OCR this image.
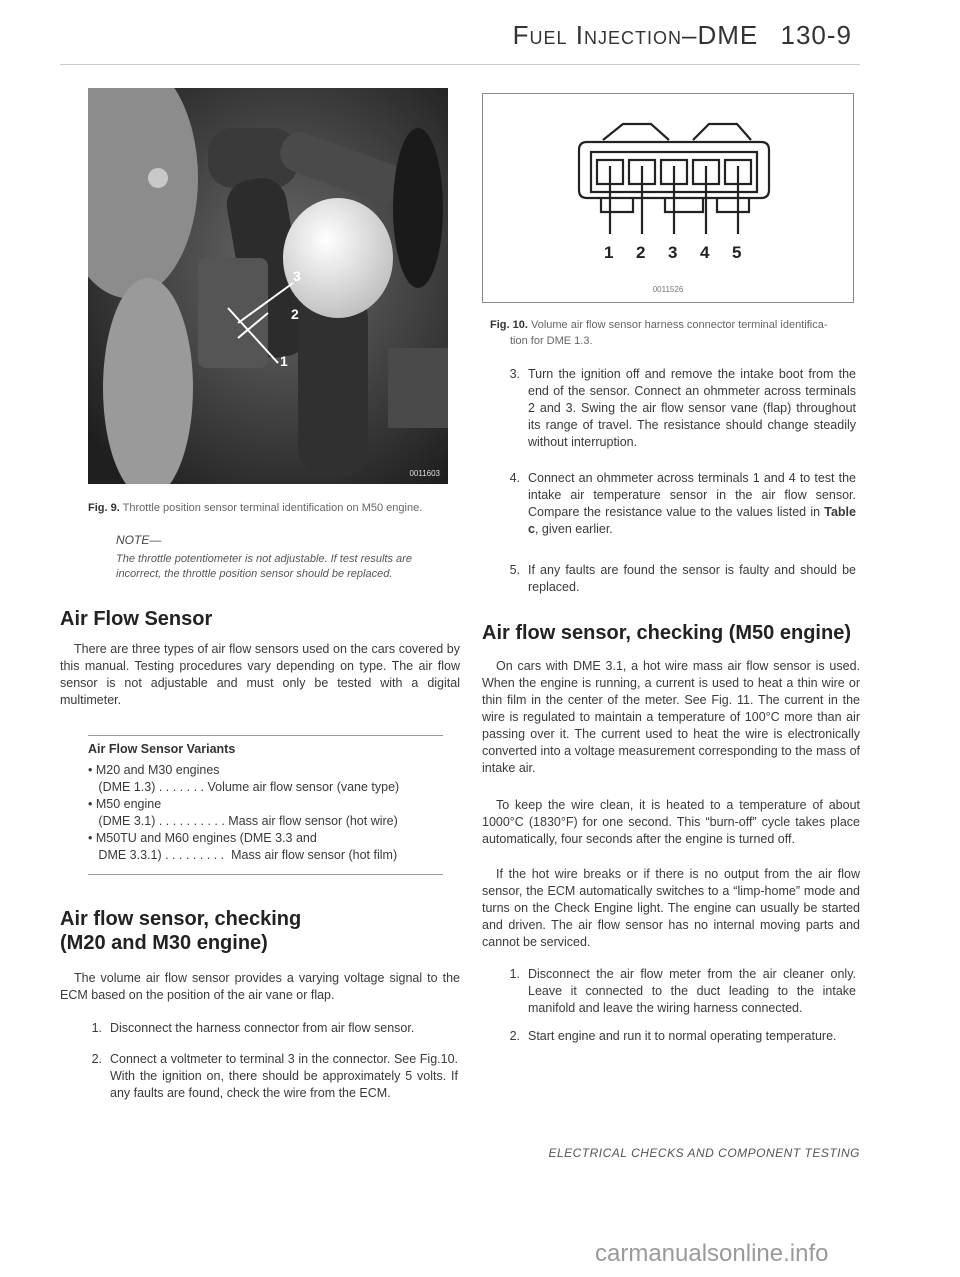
Fuel Injection–DME 130-9
3
2
1
0011603
Fig. 9. Throttle position sensor terminal identification on M50 engine.
NOTE—
The throttle potentiometer is not adjustable. If test results are incorrect, the throttle position sensor should be replaced.
Air Flow Sensor

There are three types of air flow sensors used on the cars covered by this manual. Testing procedures vary depending on type. The air flow sensor is not adjustable and must only be tested with a digital multimeter.

Air Flow Sensor Variants
• M20 and M30 engines
(DME 1.3) . . . . . . . Volume air flow sensor (vane type)
• M50 engine
(DME 3.1) . . . . . . . . . . Mass air flow sensor (hot wire)
• M50TU and M60 engines (DME 3.3 and
DME 3.3.1) . . . . . . . . .  Mass air flow sensor (hot film)
Air flow sensor, checking
(M20 and M30 engine)

The volume air flow sensor provides a varying voltage signal to the ECM based on the position of the air vane or flap.

1. Disconnect the harness connector from air flow sensor.
2. Connect a voltmeter to terminal 3 in the connector. See Fig.10. With the ignition on, there should be approximately 5 volts. If any faults are found, check the wire from the ECM.
1 2 3 4 5
0011526
Fig. 10. Volume air flow sensor harness connector terminal identifica-
tion for DME 1.3.
3. Turn the ignition off and remove the intake boot from the end of the sensor. Connect an ohmmeter across terminals 2 and 3. Swing the air flow sensor vane (flap) throughout its range of travel. The resistance should change steadily without interruption.
4. Connect an ohmmeter across terminals 1 and 4 to test the intake air temperature sensor in the air flow sensor. Compare the resistance value to the values listed in Table c, given earlier.
5. If any faults are found the sensor is faulty and should be replaced.
Air flow sensor, checking (M50 engine)

On cars with DME 3.1, a hot wire mass air flow sensor is used. When the engine is running, a current is used to heat a thin wire or thin film in the center of the meter. See Fig. 11. The current in the wire is regulated to maintain a temperature of 100°C more than air passing over it. The current used to heat the wire is electronically converted into a voltage measurement corresponding to the mass of intake air.

To keep the wire clean, it is heated to a temperature of about 1000°C (1830°F) for one second. This “burn-off” cycle takes place automatically, four seconds after the engine is turned off.

If the hot wire breaks or if there is no output from the air flow sensor, the ECM automatically switches to a “limp-home” mode and turns on the Check Engine light. The engine can usually be started and driven. The air flow sensor has no internal moving parts and cannot be serviced.

1. Disconnect the air flow meter from the air cleaner only. Leave it connected to the duct leading to the intake manifold and leave the wiring harness connected.
2. Start engine and run it to normal operating temperature.
ELECTRICAL CHECKS AND COMPONENT TESTING
carmanualsonline.info
